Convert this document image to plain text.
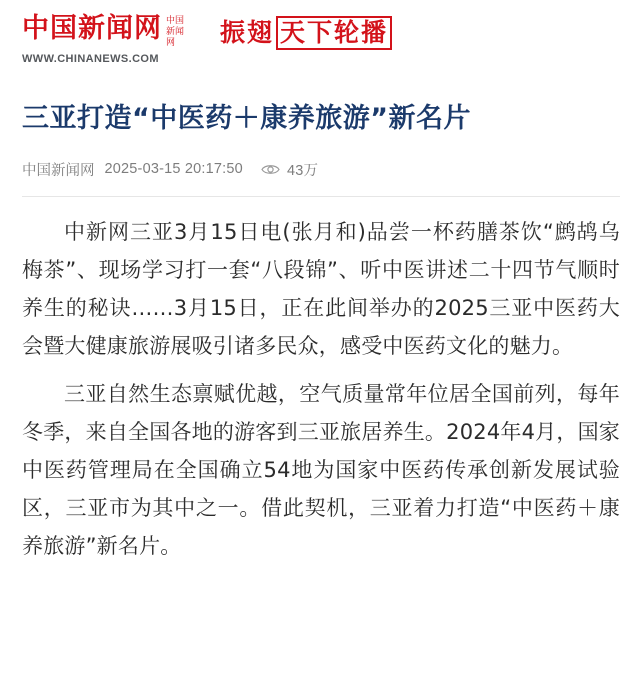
中国新闻网 中国新闻网
WWW.CHINANEWS.COM
振翅 天下轮播
三亚打造“中医药＋康养旅游”新名片
中国新闻网 2025-03-15 20:17:50	43万

中新网三亚3月15日电(张月和)品尝一杯药膳茶饮“鹧鸪乌梅茶”、现场学习打一套“八段锦”、听中医讲述二十四节气顺时养生的秘诀……3月15日，正在此间举办的2025三亚中医药大会暨大健康旅游展吸引诸多民众，感受中医药文化的魅力。

三亚自然生态禀赋优越，空气质量常年位居全国前列，每年冬季，来自全国各地的游客到三亚旅居养生。2024年4月，国家中医药管理局在全国确立54地为国家中医药传承创新发展试验区，三亚市为其中之一。借此契机，三亚着力打造“中医药＋康养旅游”新名片。
